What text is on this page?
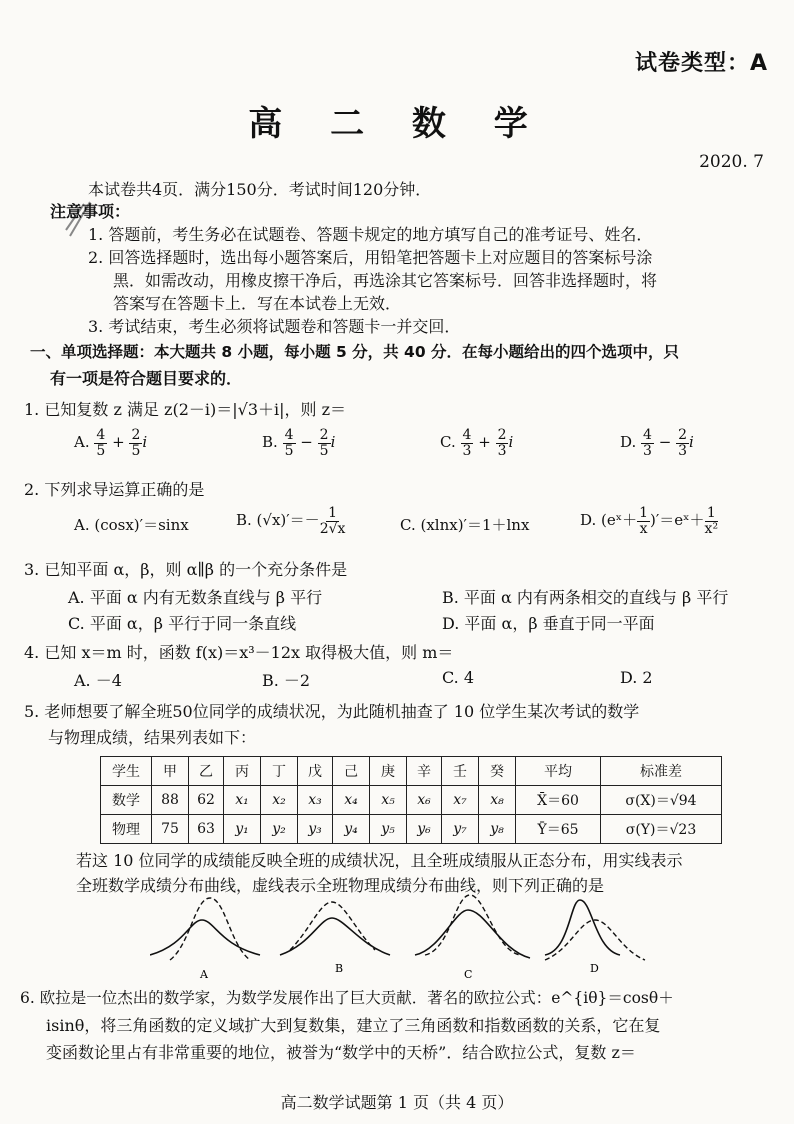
试卷类型：A
高 二 数 学
2020. 7
本试卷共4页．满分150分．考试时间120分钟．
注意事项：
1. 答题前，考生务必在试题卷、答题卡规定的地方填写自己的准考证号、姓名．
2. 回答选择题时，选出每小题答案后，用铅笔把答题卡上对应题目的答案标号涂
黑．如需改动，用橡皮擦干净后，再选涂其它答案标号．回答非选择题时，将
答案写在答题卡上．写在本试卷上无效．
3. 考试结束，考生必须将试题卷和答题卡一并交回．
一、单项选择题：本大题共 8 小题，每小题 5 分，共 40 分．在每小题给出的四个选项中，只
有一项是符合题目要求的．
1. 已知复数 z 满足 z(2－i)＝|√3＋i|，则 z＝
A. $\frac{4}{5} + \frac{2}{5}$ i	B. $\frac{4}{5} - \frac{2}{5}$ i	C. $\frac{4}{3} + \frac{2}{3}$ i	D. $\frac{4}{3} - \frac{2}{3}$ i
2. 下列求导运算正确的是
A. (cosx)′＝sinx	B. $(√x)'=- \frac{1}{2√x}$	C. (xlnx)′＝1＋lnx	D. (eˣ＋ $\frac{1}{x}$ )′＝eˣ＋ $\frac{1}{\text{x²}}$
3. 已知平面 α，β，则 α∥β 的一个充分条件是
A. 平面 α 内有无数条直线与 β 平行	B. 平面 α 内有两条相交的直线与 β 平行
C. 平面 α，β 平行于同一条直线	D. 平面 α，β 垂直于同一平面
4. 已知 x＝m 时，函数 f(x)＝x³－12x 取得极大值，则 m＝
A. －4	B. －2	C. 4	D. 2
5. 老师想要了解全班50位同学的成绩状况，为此随机抽查了 10 位学生某次考试的数学
与物理成绩，结果列表如下：
学生	甲	乙	丙	丁	戊	己	庚	辛	壬	癸	平均	标准差
数学	88	62	x₁	x₂	x₃	x₄	x₅	x₆	x₇	x₈	X̄＝60	σ(X)＝√94
物理	75	63	y₁	y₂	y₃	y₄	y₅	y₆	y₇	y₈	Ȳ＝65	σ(Y)＝√23
若这 10 位同学的成绩能反映全班的成绩状况，且全班成绩服从正态分布，用实线表示
全班数学成绩分布曲线，虚线表示全班物理成绩分布曲线，则下列正确的是
A	B	C	D
6. 欧拉是一位杰出的数学家，为数学发展作出了巨大贡献．著名的欧拉公式：e^{iθ}＝cosθ＋
isinθ，将三角函数的定义域扩大到复数集，建立了三角函数和指数函数的关系，它在复
变函数论里占有非常重要的地位，被誉为“数学中的天桥”．结合欧拉公式，复数 z＝
高二数学试题第 1 页（共 4 页）
